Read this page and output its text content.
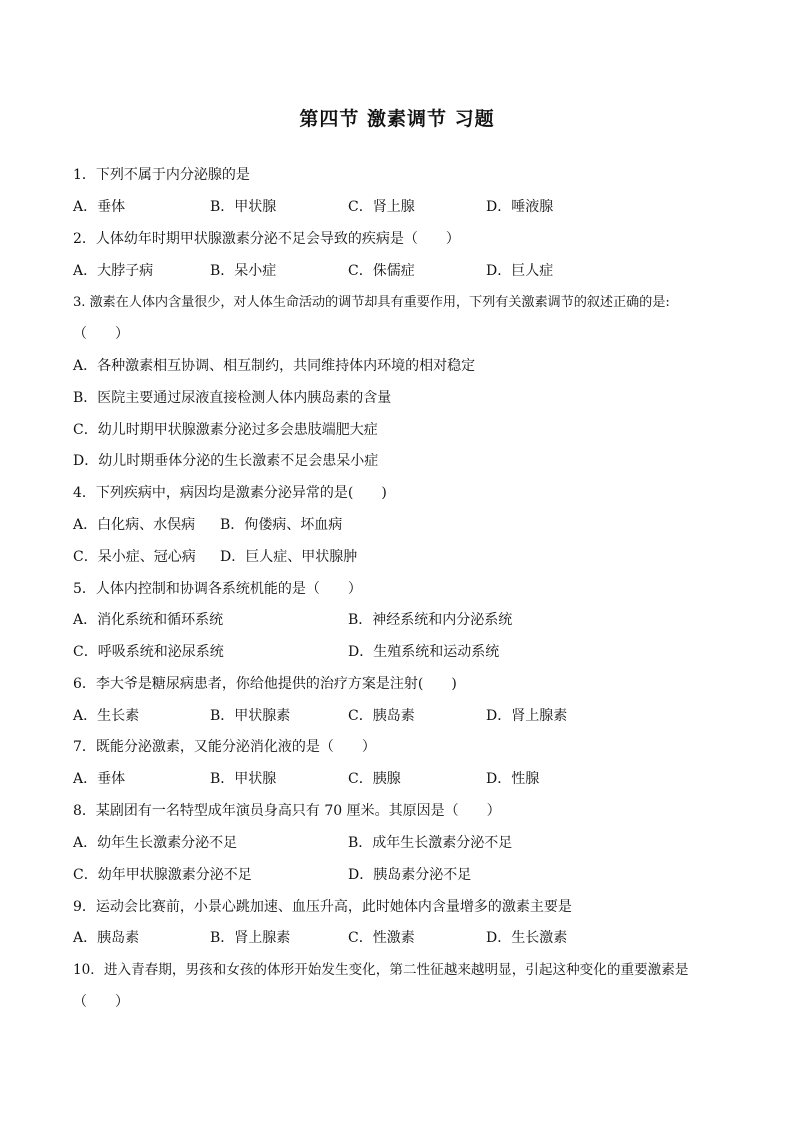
第四节 激素调节 习题
1．下列不属于内分泌腺的是
A．垂体	B．甲状腺	C．肾上腺	D．唾液腺
2．人体幼年时期甲状腺激素分泌不足会导致的疾病是（　　）
A．大脖子病	B．呆小症	C．侏儒症	D．巨人症
3. 激素在人体内含量很少，对人体生命活动的调节却具有重要作用，下列有关激素调节的叙述正确的是:
（　　）
A．各种激素相互协调、相互制约，共同维持体内环境的相对稳定
B．医院主要通过尿液直接检测人体内胰岛素的含量
C．幼儿时期甲状腺激素分泌过多会患肢端肥大症
D．幼儿时期垂体分泌的生长激素不足会患呆小症
4．下列疾病中，病因均是激素分泌异常的是(　　)
A．白化病、水俣病 B．佝偻病、坏血病
C．呆小症、冠心病 D．巨人症、甲状腺肿
5．人体内控制和协调各系统机能的是（　　）
A．消化系统和循环系统	B．神经系统和内分泌系统
C．呼吸系统和泌尿系统	D．生殖系统和运动系统
6．李大爷是糖尿病患者，你给他提供的治疗方案是注射(　　)
A．生长素	B．甲状腺素	C．胰岛素	D．肾上腺素
7．既能分泌激素，又能分泌消化液的是（　　）
A．垂体	B．甲状腺	C．胰腺	D．性腺
8．某剧团有一名特型成年演员身高只有 70 厘米。其原因是（　　）
A．幼年生长激素分泌不足	B．成年生长激素分泌不足
C．幼年甲状腺激素分泌不足	D．胰岛素分泌不足
9．运动会比赛前，小景心跳加速、血压升高，此时她体内含量增多的激素主要是
A．胰岛素	B．肾上腺素	C．性激素	D．生长激素
10．进入青春期，男孩和女孩的体形开始发生变化，第二性征越来越明显，引起这种变化的重要激素是
（　　）
